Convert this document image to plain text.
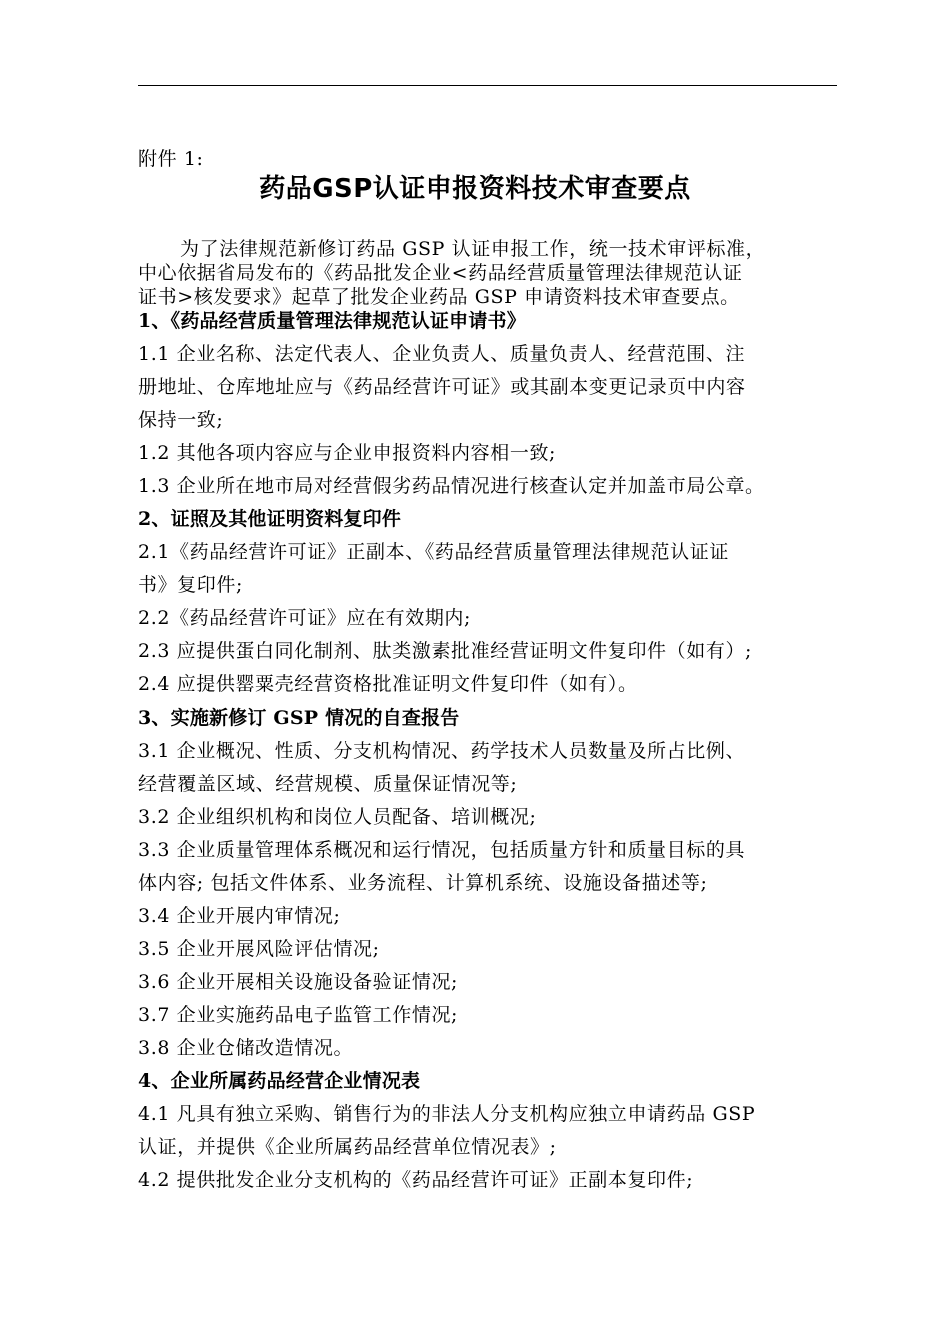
附件 1:
药品GSP认证申报资料技术审查要点
为了法律规范新修订药品 GSP 认证申报工作，统一技术审评标准，
中心依据省局发布的《药品批发企业<药品经营质量管理法律规范认证
证书>核发要求》起草了批发企业药品 GSP 申请资料技术审查要点。
1、《药品经营质量管理法律规范认证申请书》
1.1 企业名称、法定代表人、企业负责人、质量负责人、经营范围、注
册地址、仓库地址应与《药品经营许可证》或其副本变更记录页中内容
保持一致;
1.2 其他各项内容应与企业申报资料内容相一致;
1.3 企业所在地市局对经营假劣药品情况进行核查认定并加盖市局公章。
2、证照及其他证明资料复印件
2.1《药品经营许可证》正副本、《药品经营质量管理法律规范认证证
书》复印件;
2.2《药品经营许可证》应在有效期内;
2.3 应提供蛋白同化制剂、肽类激素批准经营证明文件复印件（如有）;
2.4 应提供罂粟壳经营资格批准证明文件复印件（如有）。
3、实施新修订 GSP 情况的自查报告
3.1 企业概况、性质、分支机构情况、药学技术人员数量及所占比例、
经营覆盖区域、经营规模、质量保证情况等;
3.2 企业组织机构和岗位人员配备、培训概况;
3.3 企业质量管理体系概况和运行情况，包括质量方针和质量目标的具
体内容; 包括文件体系、业务流程、计算机系统、设施设备描述等;
3.4 企业开展内审情况;
3.5 企业开展风险评估情况;
3.6 企业开展相关设施设备验证情况;
3.7 企业实施药品电子监管工作情况;
3.8 企业仓储改造情况。
4、企业所属药品经营企业情况表
4.1 凡具有独立采购、销售行为的非法人分支机构应独立申请药品 GSP
认证，并提供《企业所属药品经营单位情况表》;
4.2 提供批发企业分支机构的《药品经营许可证》正副本复印件;
